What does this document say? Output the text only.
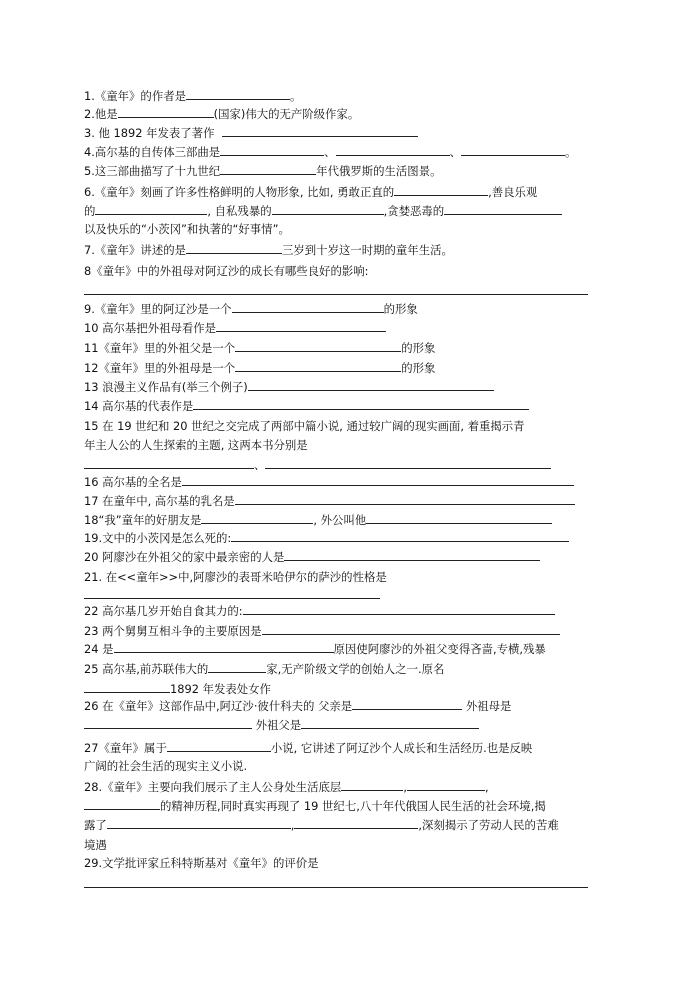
1.《童年》的作者是	。
2.他是	(国家)伟大的无产阶级作家。
3. 他 1892 年发表了著作
4.高尔基的自传体三部曲是	、	、	。
5.这三部曲描写了十九世纪	年代俄罗斯的生活图景。
6.《童年》刻画了许多性格鲜明的人物形象, 比如, 勇敢正直的	,善良乐观
的	, 自私残暴的	,贪婪恶毒的
以及快乐的“小茨冈”和执著的“好事情”。
7.《童年》讲述的是	三岁到十岁这一时期的童年生活。
8《童年》中的外祖母对阿辽沙的成长有哪些良好的影响:
9.《童年》里的阿辽沙是一个	的形象
10 高尔基把外祖母看作是
11《童年》里的外祖父是一个	的形象
12《童年》里的外祖母是一个	的形象
13 浪漫主义作品有(举三个例子)
14 高尔基的代表作是
15 在 19 世纪和 20 世纪之交完成了两部中篇小说, 通过较广阔的现实画面, 着重揭示青
年主人公的人生探索的主题, 这两本书分别是
、
16 高尔基的全名是
17 在童年中, 高尔基的乳名是
18“我”童年的好朋友是	, 外公叫他
19.文中的小茨冈是怎么死的:
20 阿廖沙在外祖父的家中最亲密的人是
21. 在<<童年>>中,阿廖沙的表哥米哈伊尔的萨沙的性格是
22 高尔基几岁开始自食其力的:
23 两个舅舅互相斗争的主要原因是
24 是	原因使阿廖沙的外祖父变得吝啬,专横,残暴
25 高尔基,前苏联伟大的	家,无产阶级文学的创始人之一.原名
1892 年发表处女作
26 在《童年》这部作品中,阿辽沙·彼什科夫的 父亲是	外祖母是
外祖父是
27《童年》属于	小说, 它讲述了阿辽沙个人成长和生活经历.也是反映
广阔的社会生活的现实主义小说.
28.《童年》主要向我们展示了主人公身处生活底层	,	,
的精神历程,同时真实再现了 19 世纪七,八十年代俄国人民生活的社会环境,揭
露了	,	,深刻揭示了劳动人民的苦难
境遇
29.文学批评家丘科特斯基对《童年》的评价是
